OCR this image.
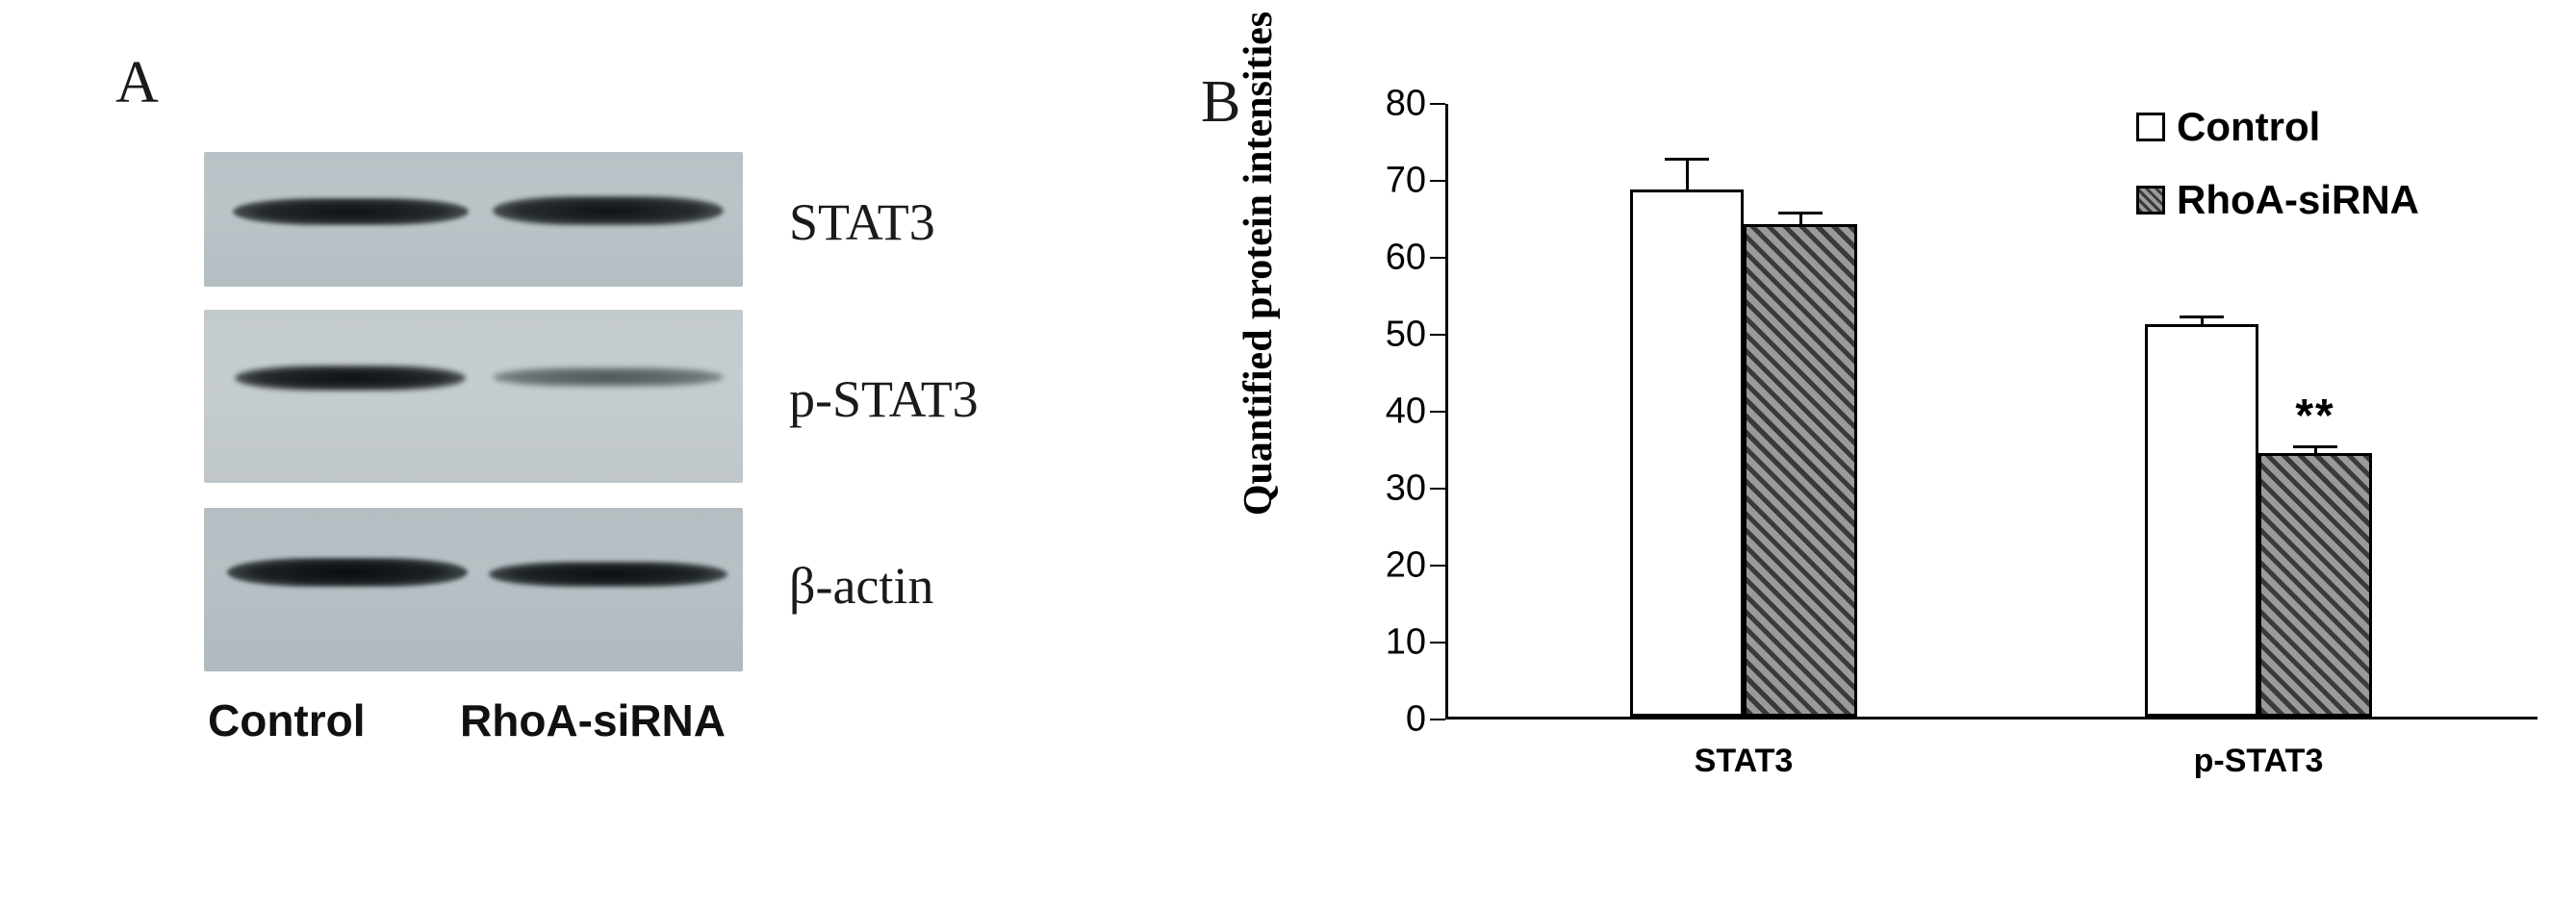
A
STAT3
p-STAT3
β-actin
Control RhoA-siRNA
B
Quantified protein intensities
0
10
20
30
40
50
60
70
80
STAT3	p-STAT3
**
Control
RhoA-siRNA
